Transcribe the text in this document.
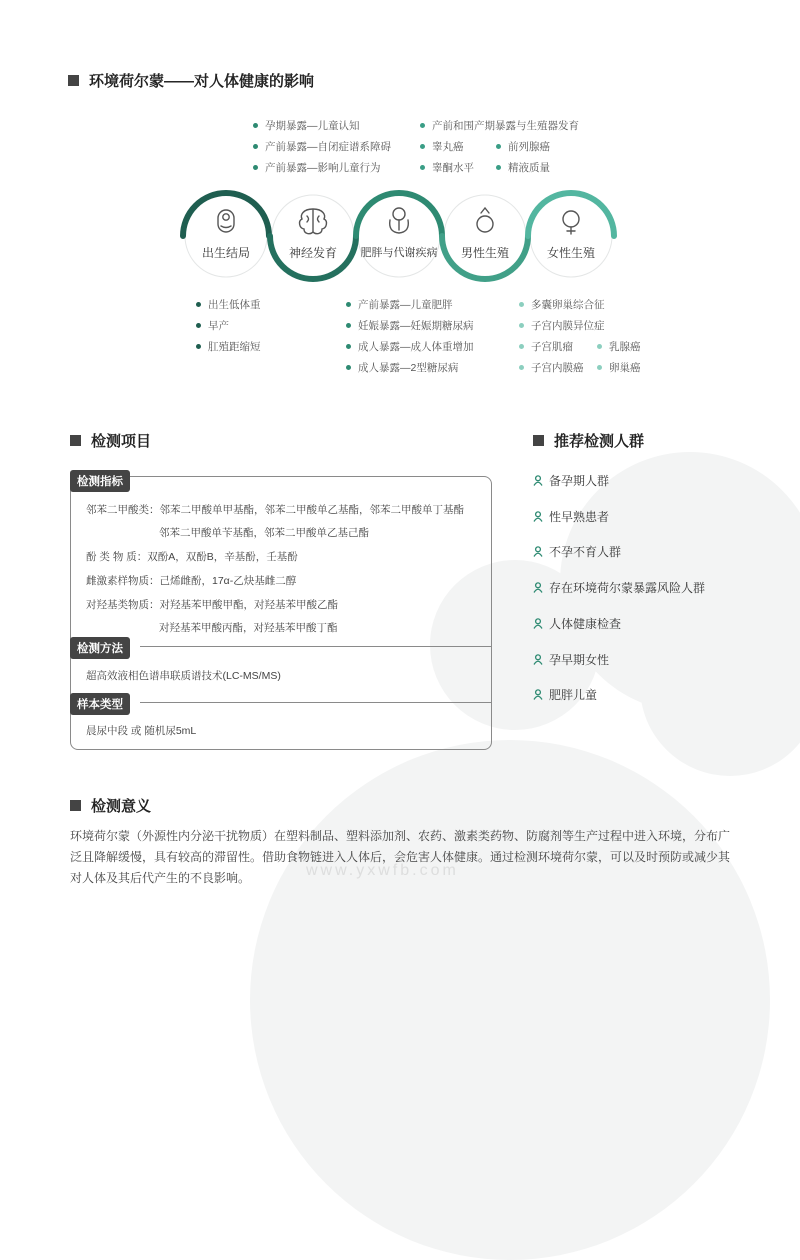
环境荷尔蒙——对人体健康的影响
孕期暴露—儿童认知
产前暴露—自闭症谱系障碍
产前暴露—影响儿童行为
产前和围产期暴露与生殖器发育
睾丸癌
睾酮水平
前列腺癌
精液质量
出生结局	神经发育	肥胖与代谢疾病	男性生殖	女性生殖
出生低体重
早产
肛殖距缩短
产前暴露—儿童肥胖
妊娠暴露—妊娠期糖尿病
成人暴露—成人体重增加
成人暴露—2型糖尿病
多囊卵巢综合征
子宫内膜异位症
子宫肌瘤
子宫内膜癌
乳腺癌
卵巢癌
检测项目
检测指标
邻苯二甲酸类：邻苯二甲酸单甲基酯，邻苯二甲酸单乙基酯，邻苯二甲酸单丁基酯
邻苯二甲酸单苄基酯，邻苯二甲酸单乙基己酯
酚 类 物 质：双酚A，双酚B，辛基酚，壬基酚
雌激素样物质：己烯雌酚，17α-乙炔基雌二醇
对羟基类物质：对羟基苯甲酸甲酯，对羟基苯甲酸乙酯
对羟基苯甲酸丙酯，对羟基苯甲酸丁酯
检测方法
超高效液相色谱串联质谱技术(LC-MS/MS)
样本类型
晨尿中段 或 随机尿5mL
推荐检测人群
备孕期人群
性早熟患者
不孕不育人群
存在环境荷尔蒙暴露风险人群
人体健康检查
孕早期女性
肥胖儿童
检测意义
环境荷尔蒙（外源性内分泌干扰物质）在塑料制品、塑料添加剂、农药、激素类药物、防腐剂等生产过程中进入环境，分布广泛且降解缓慢，具有较高的滞留性。借助食物链进入人体后，会危害人体健康。通过检测环境荷尔蒙，可以及时预防或减少其对人体及其后代产生的不良影响。	www.yxwfb.com
